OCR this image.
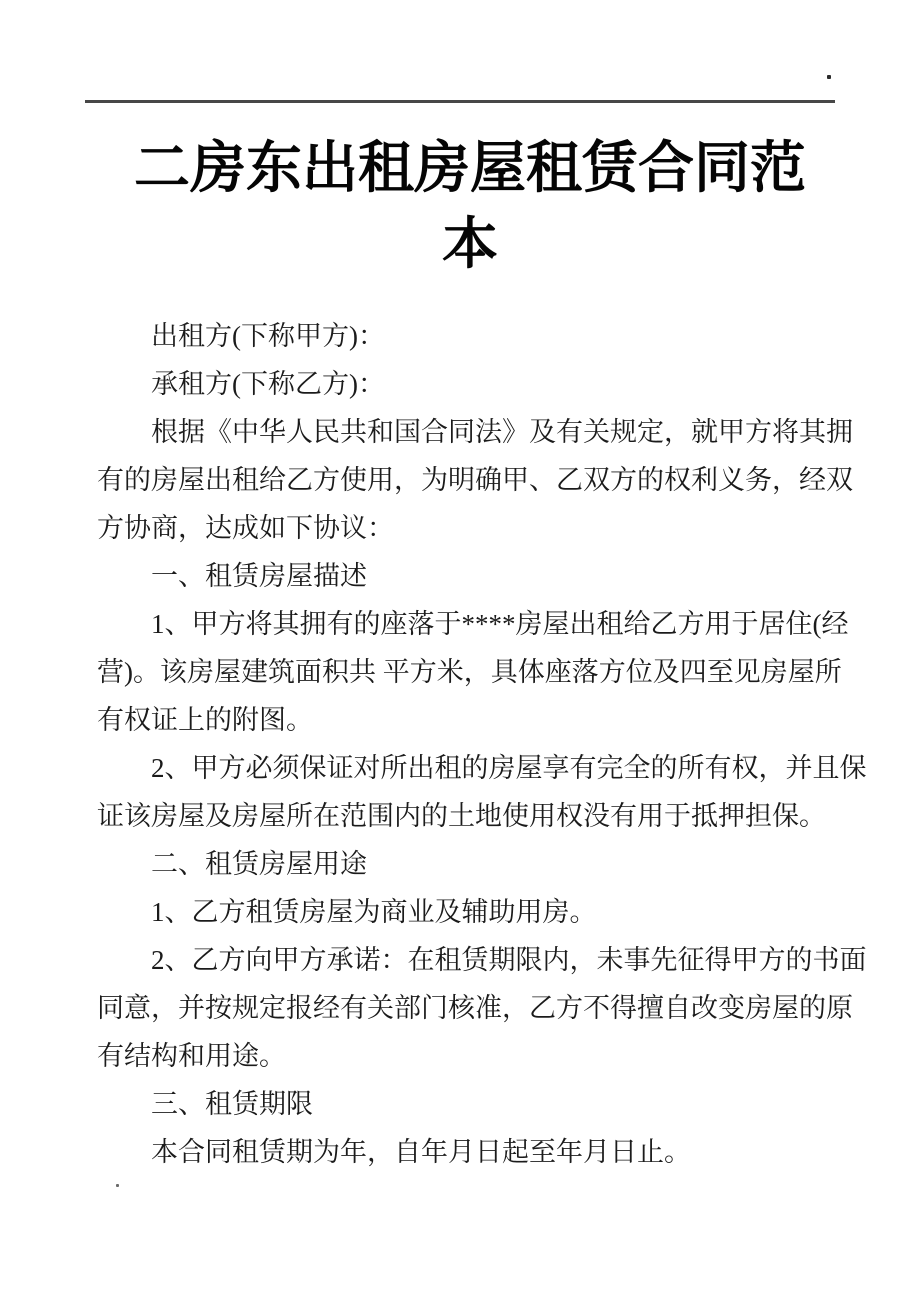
二房东出租房屋租赁合同范本
出租方(下称甲方)：
承租方(下称乙方)：
根据《中华人民共和国合同法》及有关规定，就甲方将其拥
有的房屋出租给乙方使用，为明确甲、乙双方的权利义务，经双
方协商，达成如下协议：
一、租赁房屋描述
1、甲方将其拥有的座落于****房屋出租给乙方用于居住(经
营)。该房屋建筑面积共 平方米，具体座落方位及四至见房屋所
有权证上的附图。
2、甲方必须保证对所出租的房屋享有完全的所有权，并且保
证该房屋及房屋所在范围内的土地使用权没有用于抵押担保。
二、租赁房屋用途
1、乙方租赁房屋为商业及辅助用房。
2、乙方向甲方承诺：在租赁期限内，未事先征得甲方的书面
同意，并按规定报经有关部门核准，乙方不得擅自改变房屋的原
有结构和用途。
三、租赁期限
本合同租赁期为年，自年月日起至年月日止。
